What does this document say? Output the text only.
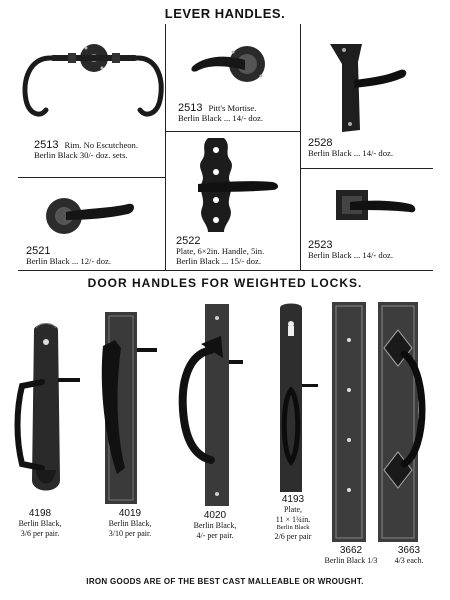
LEVER HANDLES.
DOOR HANDLES FOR WEIGHTED LOCKS.
IRON GOODS ARE OF THE BEST CAST MALLEABLE OR WROUGHT.
2513 Rim. No Escutcheon.
Berlin Black 30/- doz. sets.
2513 Pitt's Mortise.
Berlin Black ... 14/- doz.
2528
Berlin Black ... 14/- doz.
2521
Berlin Black ... 12/- doz.
2522
Plate, 6×2in. Handle, 5in.
Berlin Black ... 15/- doz.
2523
Berlin Black ... 14/- doz.
4198
Berlin Black,
3/6 per pair.
4019
Berlin Black,
3/10 per pair.
4020
Berlin Black,
4/- per pair.
4193
Plate,
11 × 1¾in.
Berlin Black
2/6 per pair
3662
Berlin Black 1/3
3663
4/3 each.
